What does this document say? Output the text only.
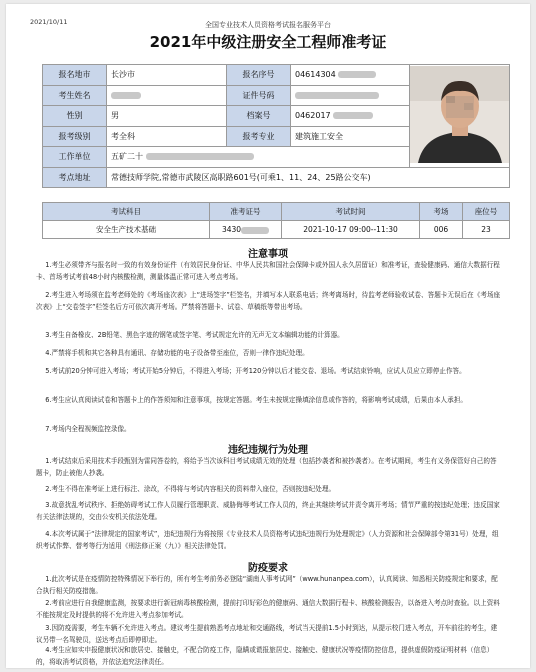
2021/10/11	全国专业技术人员资格考试报名服务平台
2021年中级注册安全工程师准考证
报名地市	长沙市	报名序号	04614304	
考生姓名		证件号码		
性别	男	档案号	0462017	
报考级别	考全科	报考专业	建筑施工安全	
工作单位	五矿二十			
考点地址	常德技师学院,常德市武陵区高职路601号(可乘1、11、24、25路公交车)			
考试科目	准考证号	考试时间	考场	座位号
安全生产技术基础	3430	2021-10-17 09:00--11:30	006	23
注意事项

1.考生必须带齐与报名时一致的有效身份证件（有效居民身份证、中华人民共和国社会保障卡或外国人永久居留证）和准考证，查验健康码、通信大数据行程卡、首场考试考前48小时内核酸检测，测量体温正常可进入考点考场。

2.考生进入考场须在监考老师处的《考场座次表》上“进场签字”栏签名，并填写本人联系电话；终考离场时，待监考老师验收试卷、答题卡无误后在《考场座次表》上“交卷签字”栏签名后方可依次离开考场。严禁将答题卡、试卷、草稿纸等带出考场。

3.考生自备橡皮、2B铅笔、黑色字迹的钢笔或签字笔、考试规定允许的无声无文本编辑功能的计算器。

4.严禁将手机和其它各种具有通讯、存储功能的电子设备带至座位，否则一律作违纪处理。

5.考试前20分钟可进入考场；考试开始5分钟后，不得进入考场；开考120分钟以后才能交卷、退场。考试结束铃响，应试人员应立即停止作答。

6.考生应认真阅读试卷和答题卡上的作答须知和注意事项，按规定答题。考生未按规定操填涂信息或作答的，将影响考试成绩，后果由本人承担。

7.考场内全程视频监控录像。

违纪违规行为处理

1.考试结束后采用技术手段甄别为雷同答卷的，将给予当次该科目考试成绩无效的处理（包括抄袭者和被抄袭者）。在考试期间，考生有义务保管好自己的答题卡，防止被他人抄袭。

2.考生不得在准考证上进行标注、涂改，不得将与考试内容相关的资料带入座位，否则按违纪处理。

3.故意扰乱考试秩序、拒绝妨碍考试工作人员履行管理职责、威胁侮辱考试工作人员的，终止其继续考试并责令离开考场；情节严重的按违纪处理；违反国家有关法律法规的，交由公安机关依法处理。

4.本次考试属于“法律规定的国家考试”，违纪违规行为将按照《专业技术人员资格考试违纪违规行为处理规定》（人力资源和社会保障部令第31号）处理，组织考试作弊、替考等行为适用《刑法修正案（九）》相关法律处罚。

防疫要求

1.此次考试是在疫情防控特殊情况下举行的，所有考生考前务必登陆“湖南人事考试网”（www.hunanpea.com），认真阅读、知悉相关防疫规定和要求，配合执行相关防疫措施。

2.考前应进行自我健康监测，按要求进行新冠病毒核酸检测，提前打印好彩色的健康码、通信大数据行程卡、核酸检测报告，以备进入考点时查验。以上资料不能按规定及时提供的将不允许进入考点参加考试。

3.因防疫需要，考生车辆不允许进入考点。建议考生提前熟悉考点地址和交通路线，考试当天提前1.5小时到达，从提示校门进入考点，开车前往的考生，建议另带一名驾驶员，送达考点后即停即走。

4.考生应如实申报健康状况和旅居史、接触史，不配合防疫工作，隐瞒或谎报旅居史、接触史、健康状况等疫情防控信息，提供虚假防疫证明材料（信息）的，将取消考试资格，并依法追究法律责任。
